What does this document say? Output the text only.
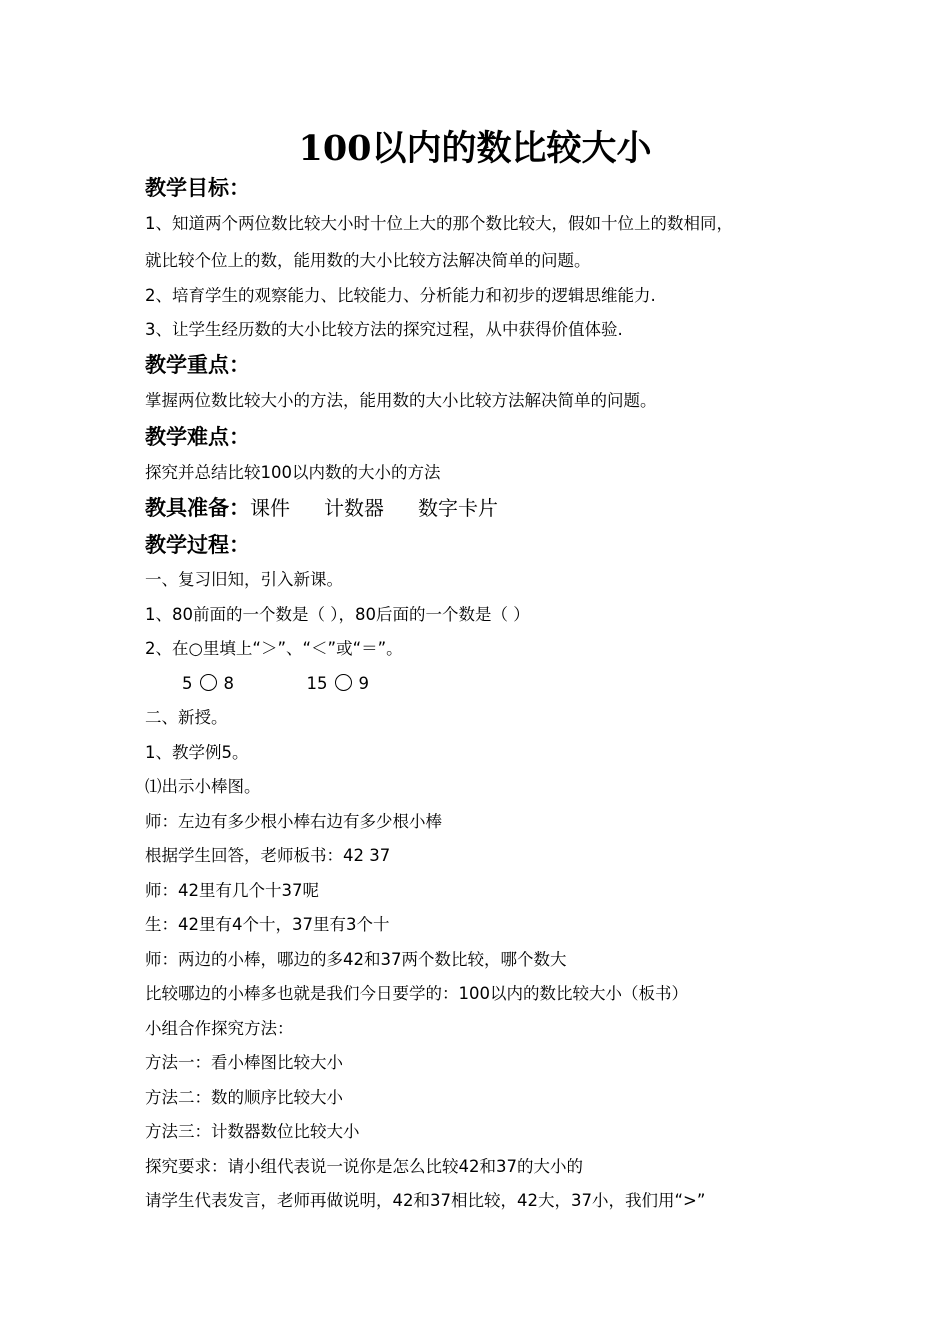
100以内的数比较大小
教学目标：
1、知道两个两位数比较大小时十位上大的那个数比较大，假如十位上的数相同，
就比较个位上的数，能用数的大小比较方法解决简单的问题。
2、培育学生的观察能力、比较能力、分析能力和初步的逻辑思维能力.
3、让学生经历数的大小比较方法的探究过程，从中获得价值体验.
教学重点：
掌握两位数比较大小的方法，能用数的大小比较方法解决简单的问题。
教学难点：
探究并总结比较100以内数的大小的方法
教具准备：课件 计数器 数字卡片
教学过程：
一、复习旧知，引入新课。
1、80前面的一个数是（ ），80后面的一个数是（ ）
2、在○里填上“＞”、“＜”或“＝”。
5 8	15 9
二、新授。
1、教学例5。
⑴出示小棒图。
师：左边有多少根小棒右边有多少根小棒
根据学生回答，老师板书：42 37
师：42里有几个十37呢
生：42里有4个十，37里有3个十
师：两边的小棒，哪边的多42和37两个数比较，哪个数大
比较哪边的小棒多也就是我们今日要学的：100以内的数比较大小（板书）
小组合作探究方法：
方法一：看小棒图比较大小
方法二：数的顺序比较大小
方法三：计数器数位比较大小
探究要求：请小组代表说一说你是怎么比较42和37的大小的
请学生代表发言，老师再做说明，42和37相比较，42大，37小，我们用“>”
